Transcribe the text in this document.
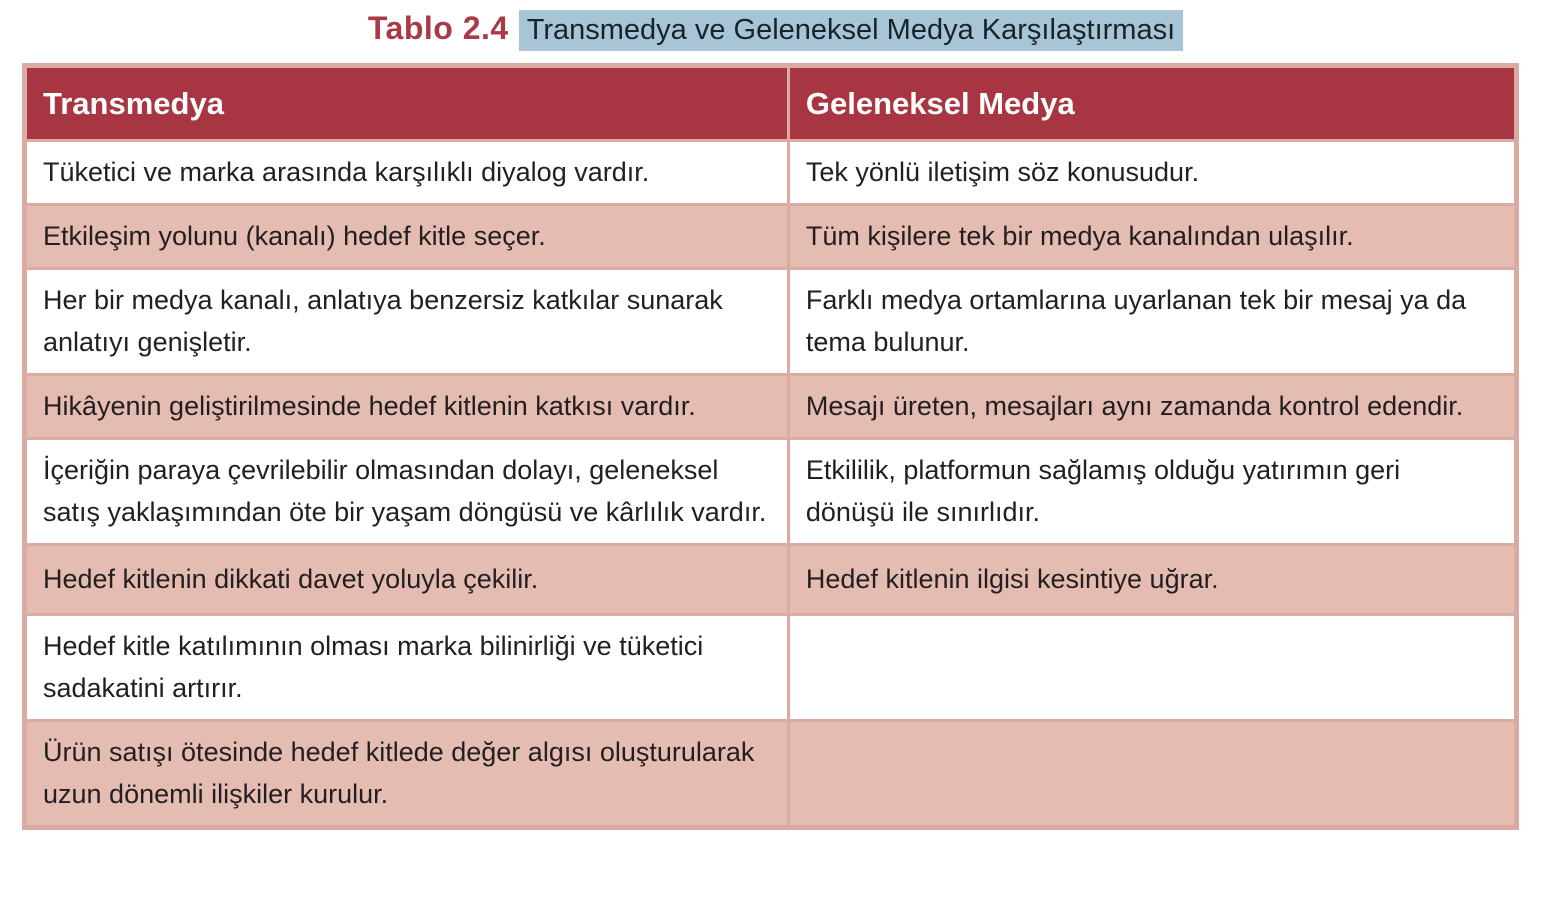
Tablo 2.4 Transmedya ve Geleneksel Medya Karşılaştırması
Transmedya	Geleneksel Medya
Tüketici ve marka arasında karşılıklı diyalog vardır.	Tek yönlü iletişim söz konusudur.
Etkileşim yolunu (kanalı) hedef kitle seçer.	Tüm kişilere tek bir medya kanalından ulaşılır.
Her bir medya kanalı, anlatıya benzersiz katkılar sunarak anlatıyı genişletir.	Farklı medya ortamlarına uyarlanan tek bir mesaj ya da tema bulunur.
Hikâyenin geliştirilmesinde hedef kitlenin katkısı vardır.	Mesajı üreten, mesajları aynı zamanda kontrol edendir.
İçeriğin paraya çevrilebilir olmasından dolayı, geleneksel satış yaklaşımından öte bir yaşam döngüsü ve kârlılık vardır.	Etkililik, platformun sağlamış olduğu yatırımın geri dönüşü ile sınırlıdır.
Hedef kitlenin dikkati davet yoluyla çekilir.	Hedef kitlenin ilgisi kesintiye uğrar.
Hedef kitle katılımının olması marka bilinirliği ve tüketici sadakatini artırır.	
Ürün satışı ötesinde hedef kitlede değer algısı oluşturularak uzun dönemli ilişkiler kurulur.	
